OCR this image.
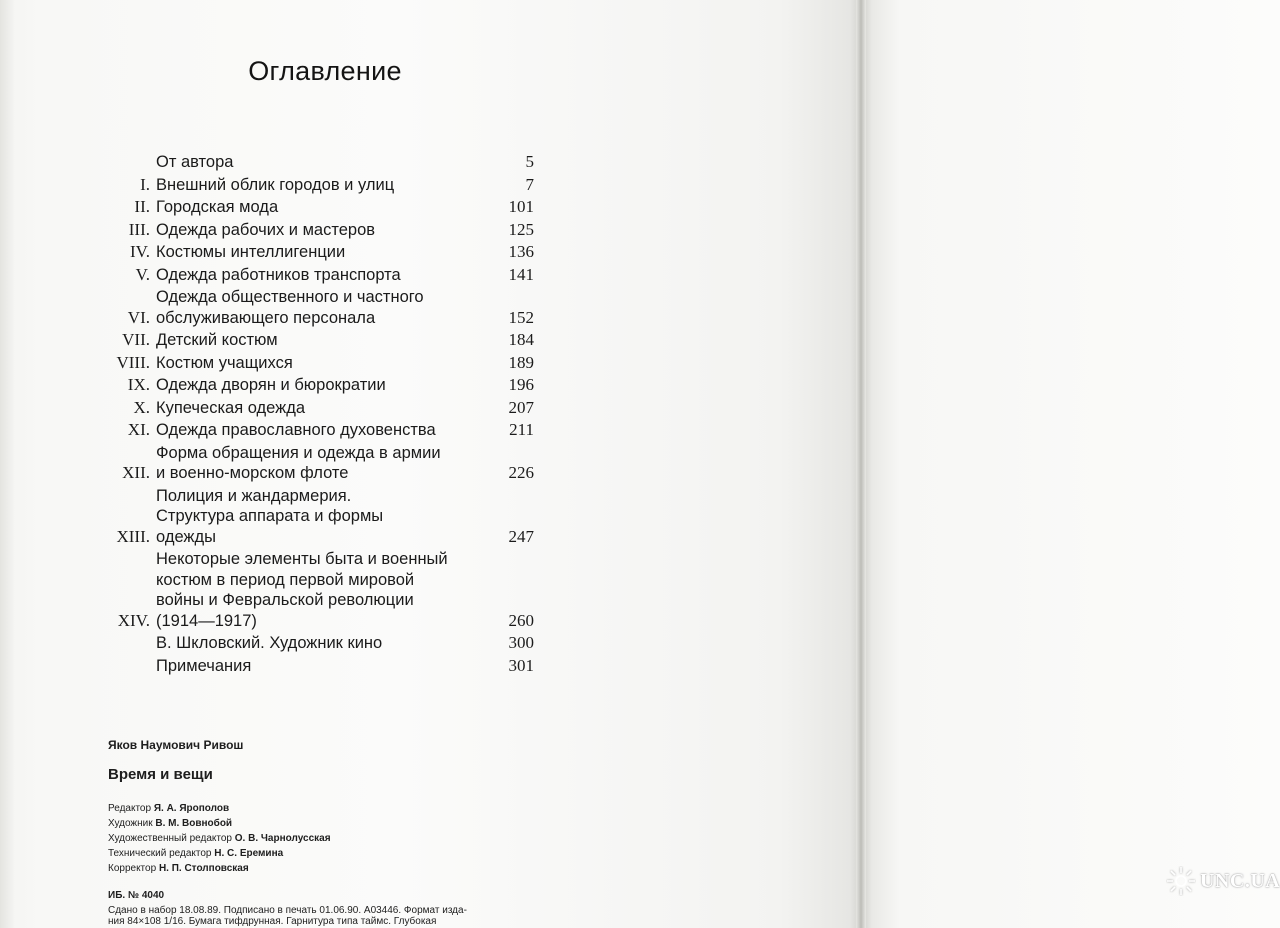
Оглавление
От автора	5
I. Внешний облик городов и улиц	7
II. Городская мода	101
III. Одежда рабочих и мастеров	125
IV. Костюмы интеллигенции	136
V. Одежда работников транспорта	141
VI.
Одежда общественного и частного
обслуживающего персонала	152
VII. Детский костюм	184
VIII. Костюм учащихся	189
IX. Одежда дворян и бюрократии	196
X. Купеческая одежда	207
XI. Одежда православного духовенства	211
XII.
Форма обращения и одежда в армии
и военно-морском флоте	226
XIII.
Полиция и жандармерия.
Структура аппарата и формы
одежды	247
XIV.
Некоторые элементы быта и военный
костюм в период первой мировой
войны и Февральской революции
(1914—1917)	260
В. Шкловский. Художник кино	300
Примечания	301
Яков Наумович Ривош
Время и вещи
Редактор Я. А. Ярополов
Художник В. М. Вовнобой
Художественный редактор О. В. Чарнолусская
Технический редактор Н. С. Еремина
Корректор Н. П. Столповская
ИБ. № 4040
Сдано в набор 18.08.89. Подписано в печать 01.06.90. А03446. Формат изда-
ния 84×108 1/16. Бумага тифдрунная. Гарнитура типа таймс. Глубокая
UNC.UA
